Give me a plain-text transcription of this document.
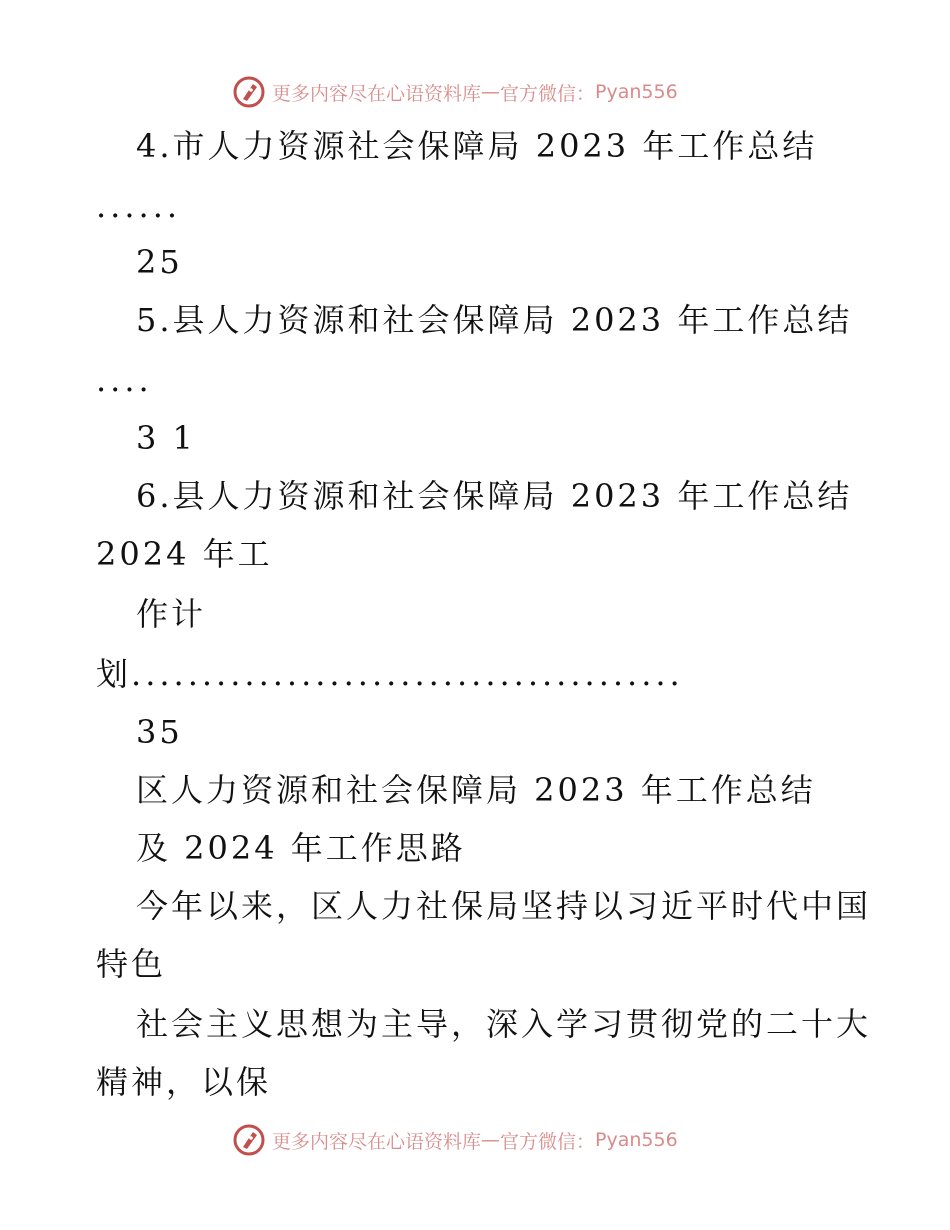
更多内容尽在心语资料库 — 官方微信： Pyan556
4.市人力资源社会保障局 2023 年工作总结
......
25
5.县人力资源和社会保障局 2023 年工作总结
....
3 1
6.县人力资源和社会保障局 2023 年工作总结
2024 年工
作计
划.......................................
35
区人力资源和社会保障局 2023 年工作总结
及 2024 年工作思路
今年以来，区人力社保局坚持以习近平时代中国
特色
社会主义思想为主导，深入学习贯彻党的二十大
精神，以保
更多内容尽在心语资料库 — 官方微信： Pyan556
